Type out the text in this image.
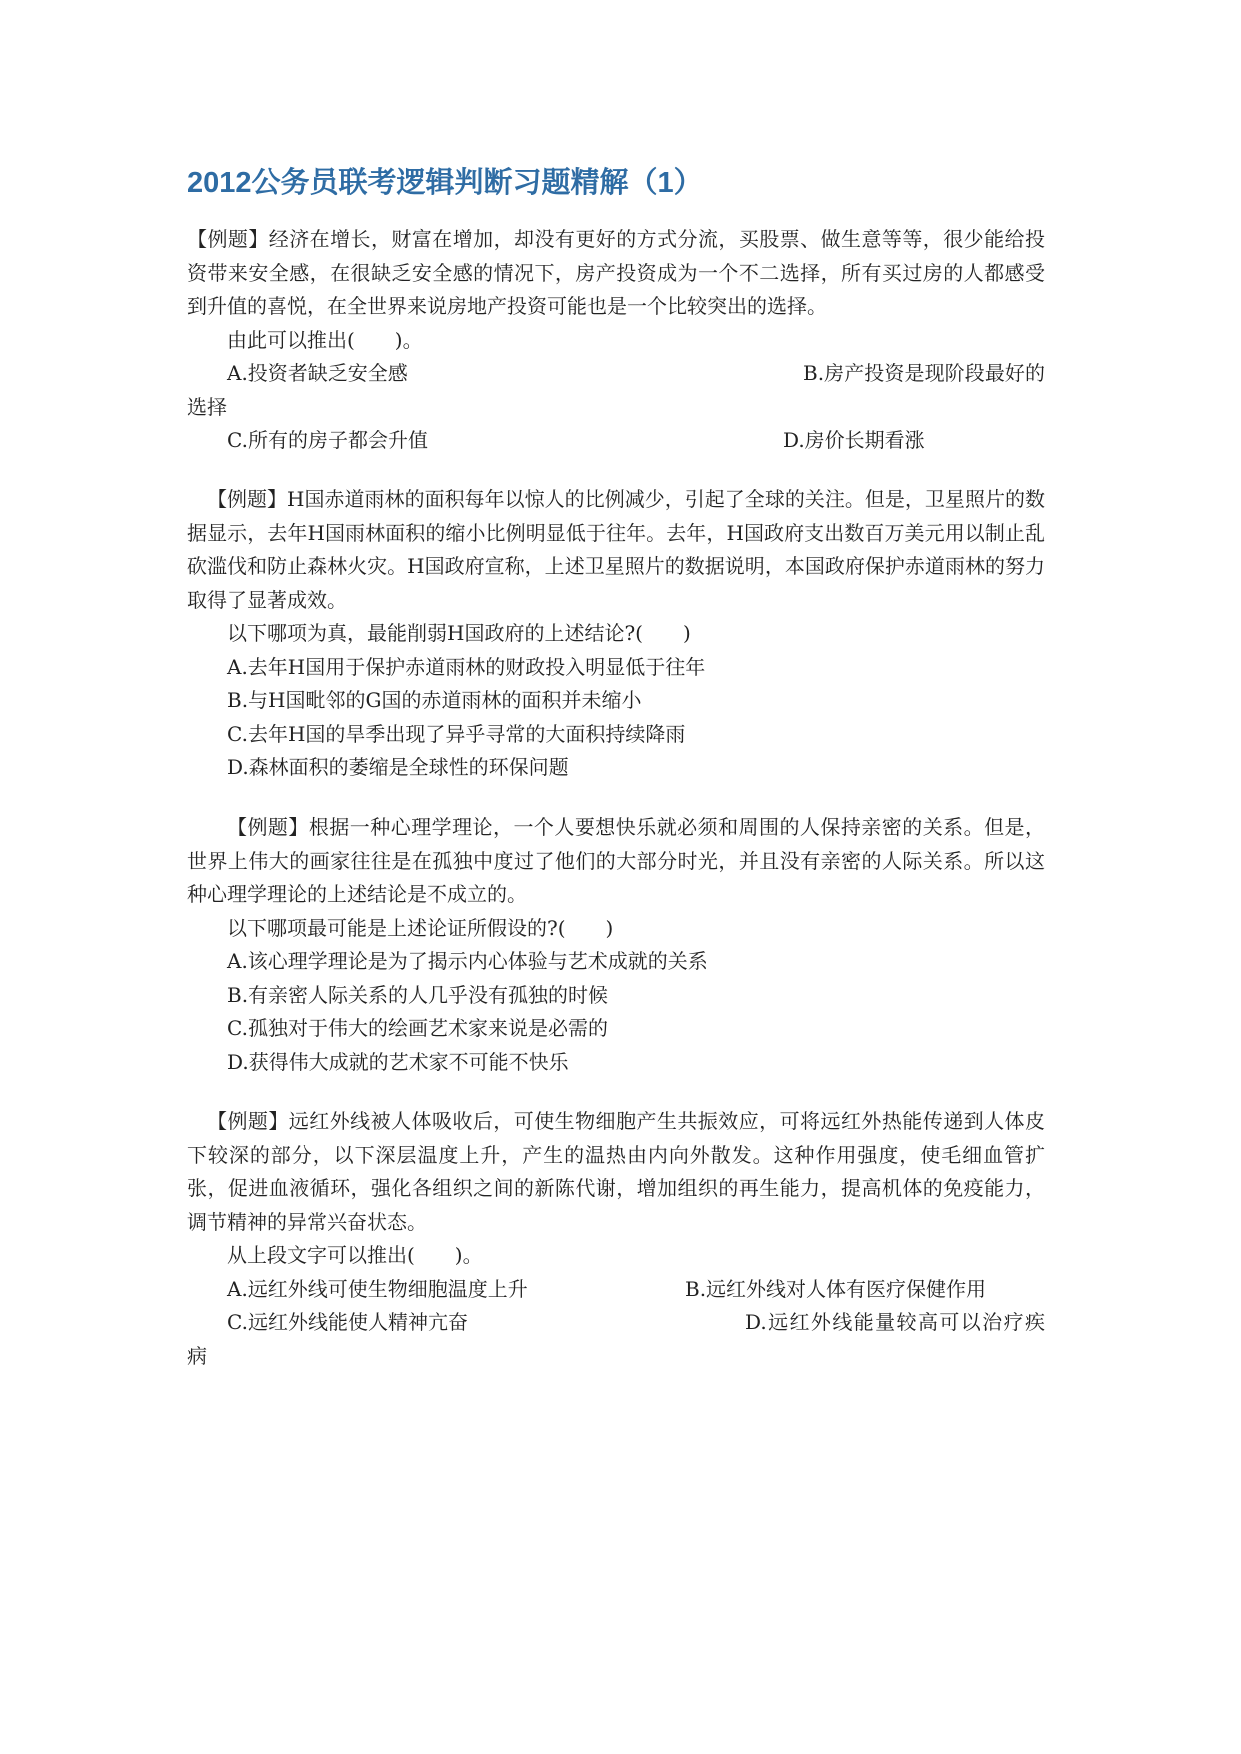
2012公务员联考逻辑判断习题精解（1）

【例题】经济在增长，财富在增加，却没有更好的方式分流，买股票、做生意等等，很少能给投资带来安全感，在很缺乏安全感的情况下，房产投资成为一个不二选择，所有买过房的人都感受到升值的喜悦，在全世界来说房地产投资可能也是一个比较突出的选择。

由此可以推出(　　)。

A.投资者缺乏安全感	B.房产投资是现阶段最好的选择

C.所有的房子都会升值	D.房价长期看涨

【例题】H国赤道雨林的面积每年以惊人的比例减少，引起了全球的关注。但是，卫星照片的数据显示，去年H国雨林面积的缩小比例明显低于往年。去年，H国政府支出数百万美元用以制止乱砍滥伐和防止森林火灾。H国政府宣称，上述卫星照片的数据说明，本国政府保护赤道雨林的努力取得了显著成效。

以下哪项为真，最能削弱H国政府的上述结论?(　　)

A.去年H国用于保护赤道雨林的财政投入明显低于往年

B.与H国毗邻的G国的赤道雨林的面积并未缩小

C.去年H国的旱季出现了异乎寻常的大面积持续降雨

D.森林面积的萎缩是全球性的环保问题

【例题】根据一种心理学理论，一个人要想快乐就必须和周围的人保持亲密的关系。但是，世界上伟大的画家往往是在孤独中度过了他们的大部分时光，并且没有亲密的人际关系。所以这种心理学理论的上述结论是不成立的。

以下哪项最可能是上述论证所假设的?(　　)

A.该心理学理论是为了揭示内心体验与艺术成就的关系

B.有亲密人际关系的人几乎没有孤独的时候

C.孤独对于伟大的绘画艺术家来说是必需的

D.获得伟大成就的艺术家不可能不快乐

【例题】远红外线被人体吸收后，可使生物细胞产生共振效应，可将远红外热能传递到人体皮下较深的部分，以下深层温度上升，产生的温热由内向外散发。这种作用强度，使毛细血管扩张，促进血液循环，强化各组织之间的新陈代谢，增加组织的再生能力，提高机体的免疫能力，调节精神的异常兴奋状态。

从上段文字可以推出(　　)。

A.远红外线可使生物细胞温度上升	B.远红外线对人体有医疗保健作用

C.远红外线能使人精神亢奋	D.远红外线能量较高可以治疗疾病
